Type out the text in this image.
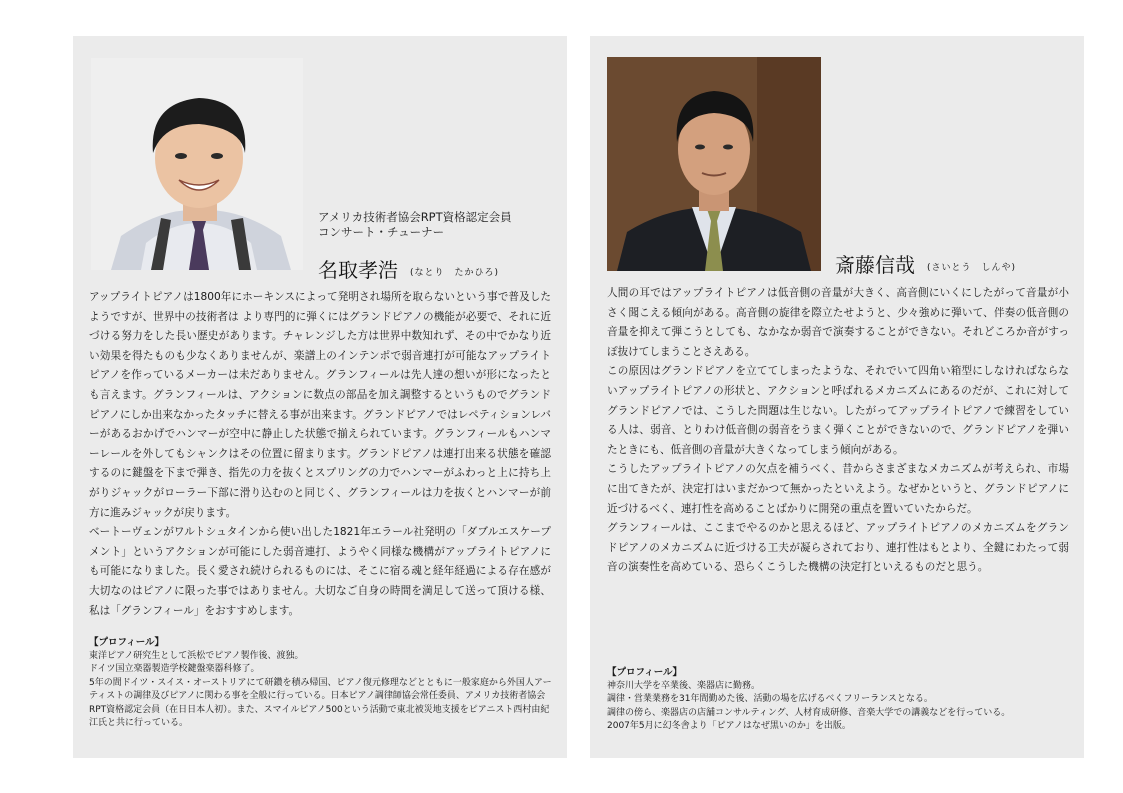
アメリカ技術者協会RPT資格認定会員
コンサート・チューナー
名取孝浩 (なとり　たかひろ)

アップライトピアノは1800年にホーキンスによって発明され場所を取らないという事で普及したようですが、世界中の技術者は より専門的に弾くにはグランドピアノの機能が必要で、それに近づける努力をした長い歴史があります。チャレンジした方は世界中数知れず、その中でかなり近い効果を得たものも少なくありませんが、楽譜上のインテンポで弱音連打が可能なアップライトピアノを作っているメーカーは未だありません。グランフィールは先人達の想いが形になったとも言えます。グランフィールは、アクションに数点の部品を加え調整するというものでグランドピアノにしか出来なかったタッチに替える事が出来ます。グランドピアノではレペティションレバーがあるおかげでハンマーが空中に静止した状態で揃えられています。グランフィールもハンマーレールを外してもシャンクはその位置に留まります。グランドピアノは連打出来る状態を確認するのに鍵盤を下まで弾き、指先の力を抜くとスプリングの力でハンマーがふわっと上に持ち上がりジャックがローラー下部に滑り込むのと同じく、グランフィールは力を抜くとハンマーが前方に進みジャックが戻ります。

ベートーヴェンがワルトシュタインから使い出した1821年エラール社発明の「ダブルエスケープメント」というアクションが可能にした弱音連打、ようやく同様な機構がアップライトピアノにも可能になりました。長く愛され続けられるものには、そこに宿る魂と経年経過による存在感が大切なのはピアノに限った事ではありません。大切なご自身の時間を満足して送って頂ける様、私は「グランフィール」をおすすめします。

【プロフィール】

東洋ピアノ研究生として浜松でピアノ製作後、渡独。

ドイツ国立楽器製造学校鍵盤楽器科修了。

5年の間ドイツ・スイス・オーストリアにて研鑽を積み帰国、ピアノ復元修理などとともに一般家庭から外国人アーティストの調律及びピアノに関わる事を全般に行っている。日本ピアノ調律師協会常任委員、アメリカ技術者協会RPT資格認定会員（在日日本人初）。また、スマイルピアノ500という活動で東北被災地支援をピアニスト西村由紀江氏と共に行っている。

斎藤信哉 (さいとう　しんや)

人間の耳ではアップライトピアノは低音側の音量が大きく、高音側にいくにしたがって音量が小さく聞こえる傾向がある。高音側の旋律を際立たせようと、少々強めに弾いて、伴奏の低音側の音量を抑えて弾こうとしても、なかなか弱音で演奏することができない。それどころか音がすっぽ抜けてしまうことさえある。

この原因はグランドピアノを立ててしまったような、それでいて四角い箱型にしなければならないアップライトピアノの形状と、アクションと呼ばれるメカニズムにあるのだが、これに対してグランドピアノでは、こうした問題は生じない。したがってアップライトピアノで練習をしている人は、弱音、とりわけ低音側の弱音をうまく弾くことができないので、グランドピアノを弾いたときにも、低音側の音量が大きくなってしまう傾向がある。

こうしたアップライトピアノの欠点を補うべく、昔からさまざまなメカニズムが考えられ、市場に出てきたが、決定打はいまだかつて無かったといえよう。なぜかというと、グランドピアノに近づけるべく、連打性を高めることばかりに開発の重点を置いていたからだ。

グランフィールは、ここまでやるのかと思えるほど、アップライトピアノのメカニズムをグランドピアノのメカニズムに近づける工夫が凝らされており、連打性はもとより、全鍵にわたって弱音の演奏性を高めている、恐らくこうした機構の決定打といえるものだと思う。

【プロフィール】

神奈川大学を卒業後、楽器店に勤務。

調律・営業業務を31年間勤めた後、活動の場を広げるべくフリーランスとなる。

調律の傍ら、楽器店の店舗コンサルティング、人材育成研修、音楽大学での講義などを行っている。

2007年5月に幻冬舎より「ピアノはなぜ黒いのか」を出版。
